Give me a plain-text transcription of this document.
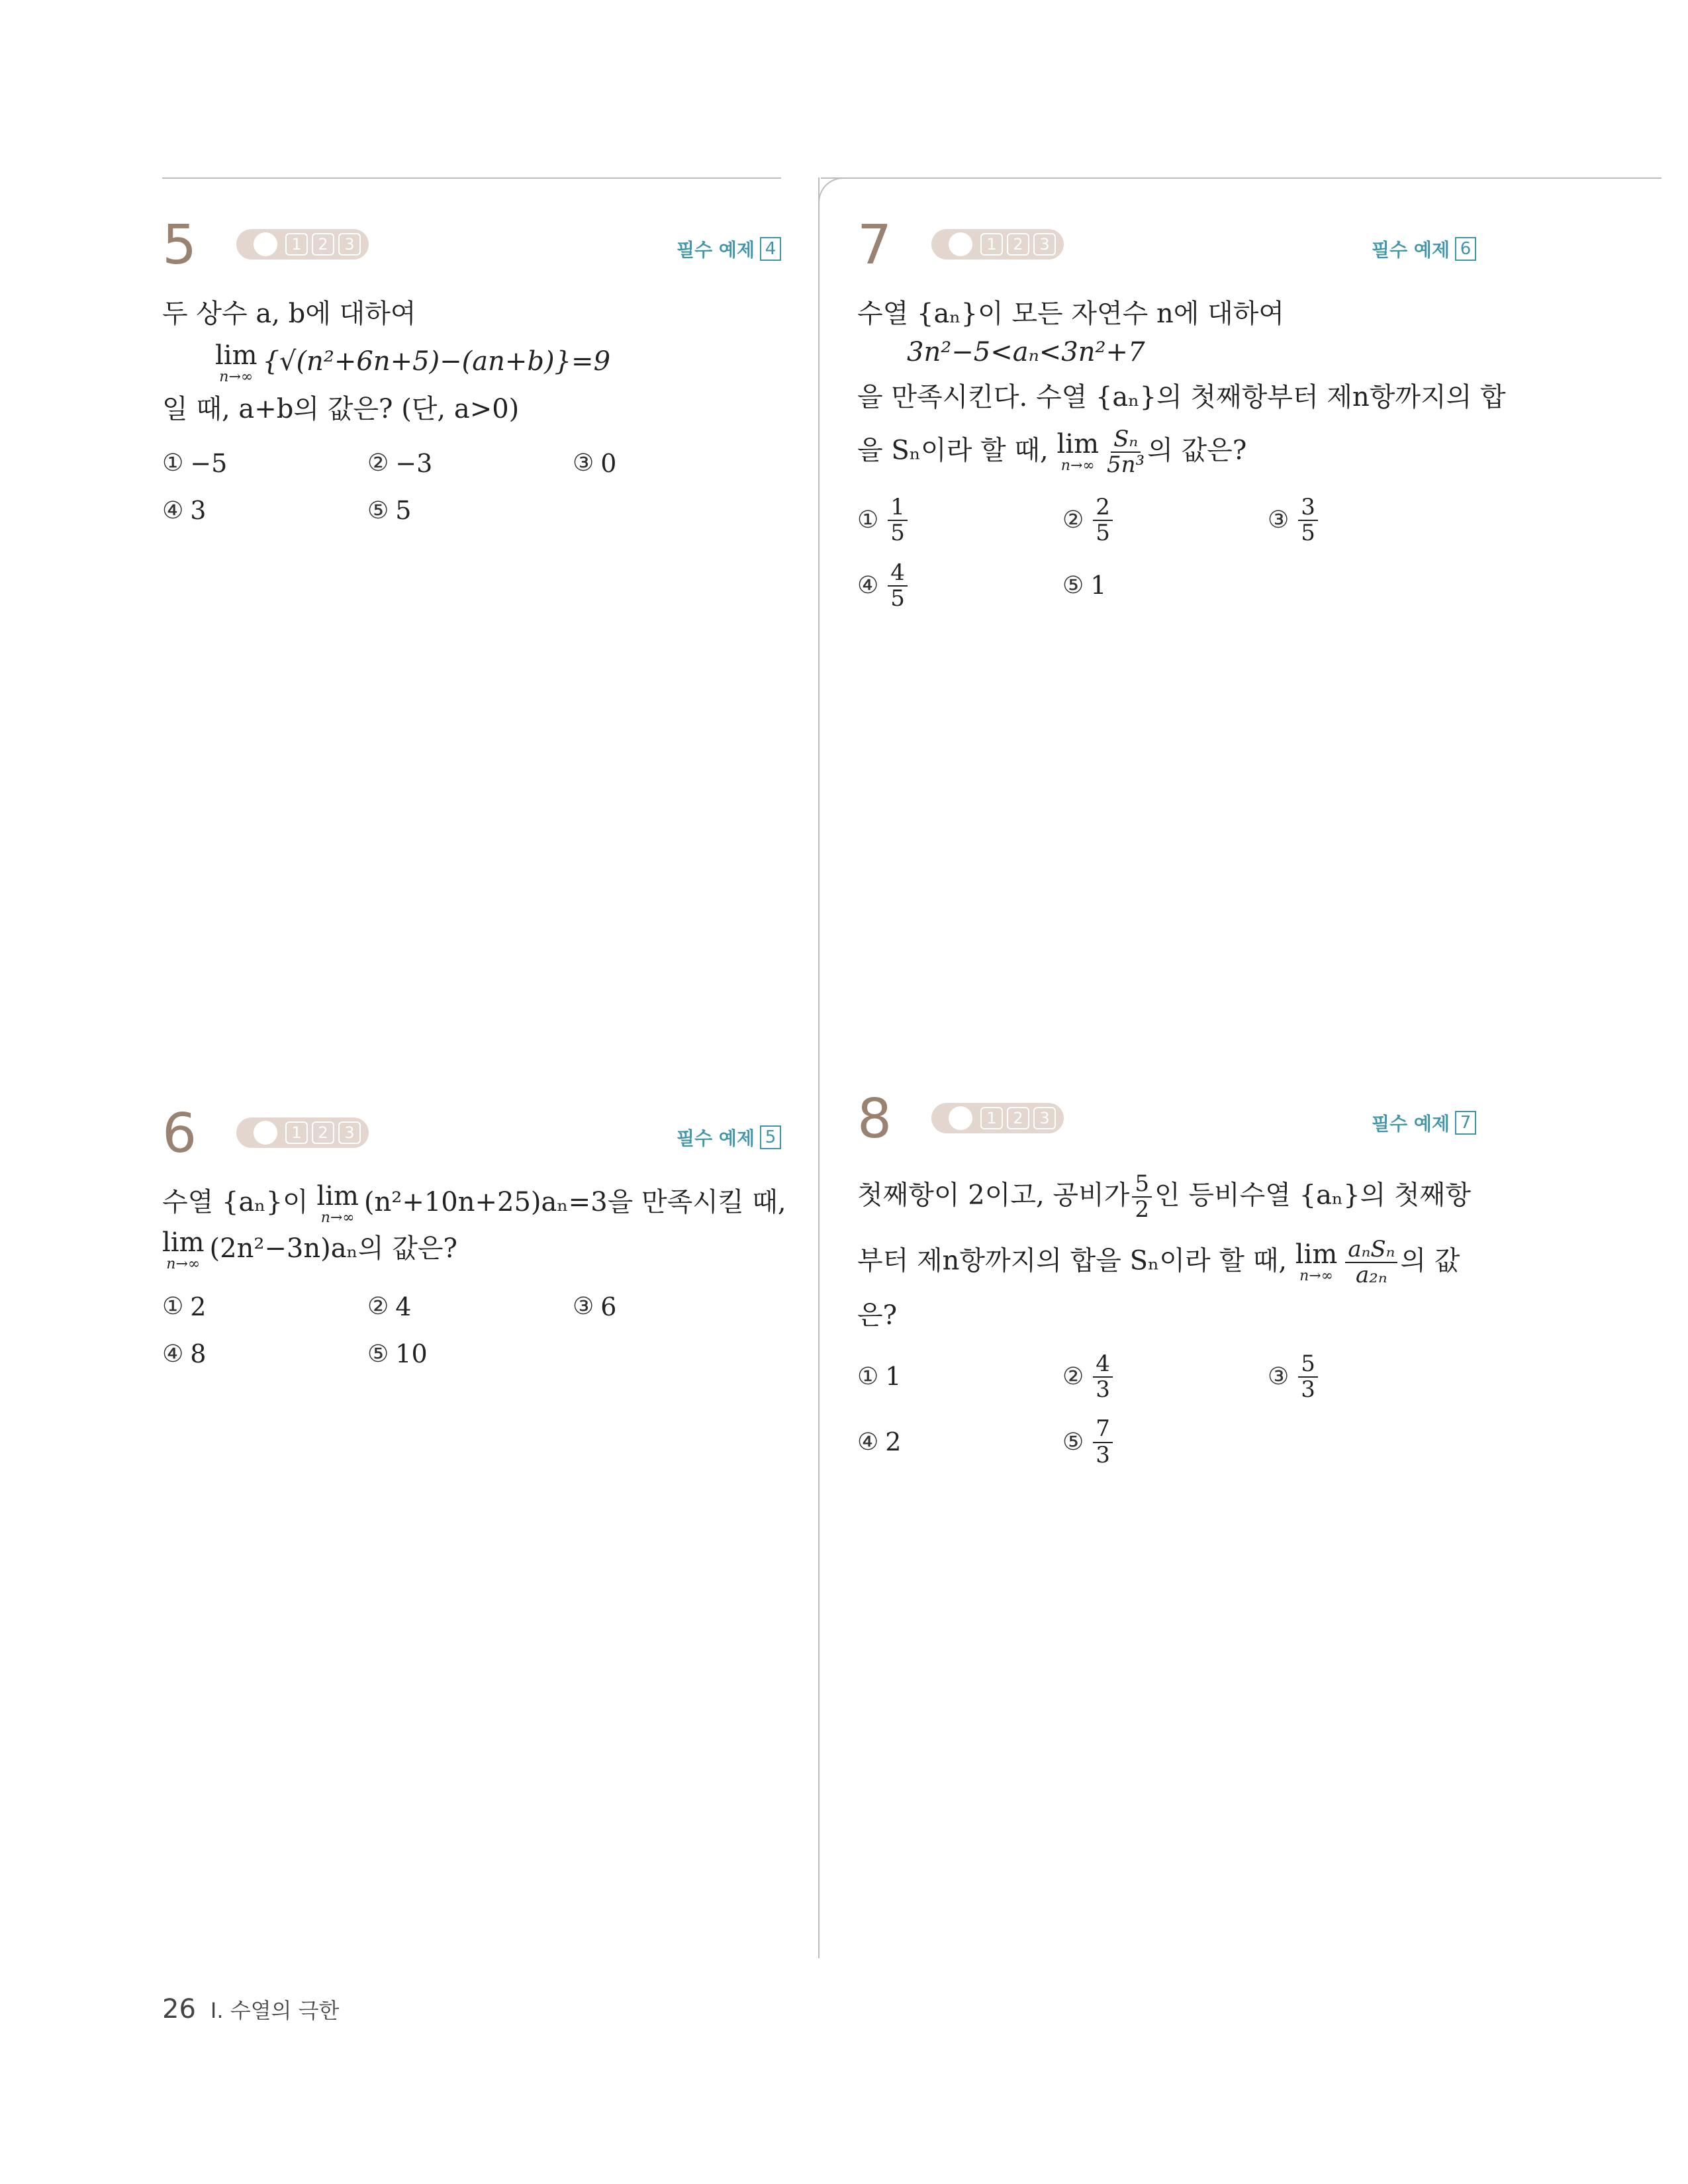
5	1	2	3	필수 예제 4
두 상수 a, b에 대하여
lim
n→∞
{√(n²+6n+5)−(an+b)}=9
일 때, a+b의 값은? (단, a>0)
① −5	② −3	③ 0
④ 3	⑤ 5
6	1	2	3	필수 예제 5
수열 {aₙ}이 lim
n→∞
(n²+10n+25)aₙ=3을 만족시킬 때,
lim
n→∞
(2n²−3n)aₙ의 값은?
① 2	② 4	③ 6
④ 8	⑤ 10
7	1	2	3	필수 예제 6
수열 {aₙ}이 모든 자연수 n에 대하여
3n²−5<aₙ<3n²+7
을 만족시킨다. 수열 {aₙ}의 첫째항부터 제n항까지의 합
을 Sₙ이라 할 때, lim
$n\to\infty \frac{\text{Sₙ}}{\text{5n³}}$ 의 값은?
① $\frac{1}{5}$	② $\frac{2}{5}$	③ $\frac{3}{5}$
④ $\frac{4}{5}$	⑤ 1
8	1	2	3	필수 예제 7
첫째항이 2이고, 공비가 $\frac{5}{2}$ 인 등비수열 {aₙ}의 첫째항
부터 제n항까지의 합을 Sₙ이라 할 때, lim
$n\to\infty \frac{\text{aₙSₙ}}{\text{a₂ₙ}}$ 의 값
은?
① 1	② $\frac{4}{3}$	③ $\frac{5}{3}$
④ 2	⑤ $\frac{7}{3}$
26 I. 수열의 극한
